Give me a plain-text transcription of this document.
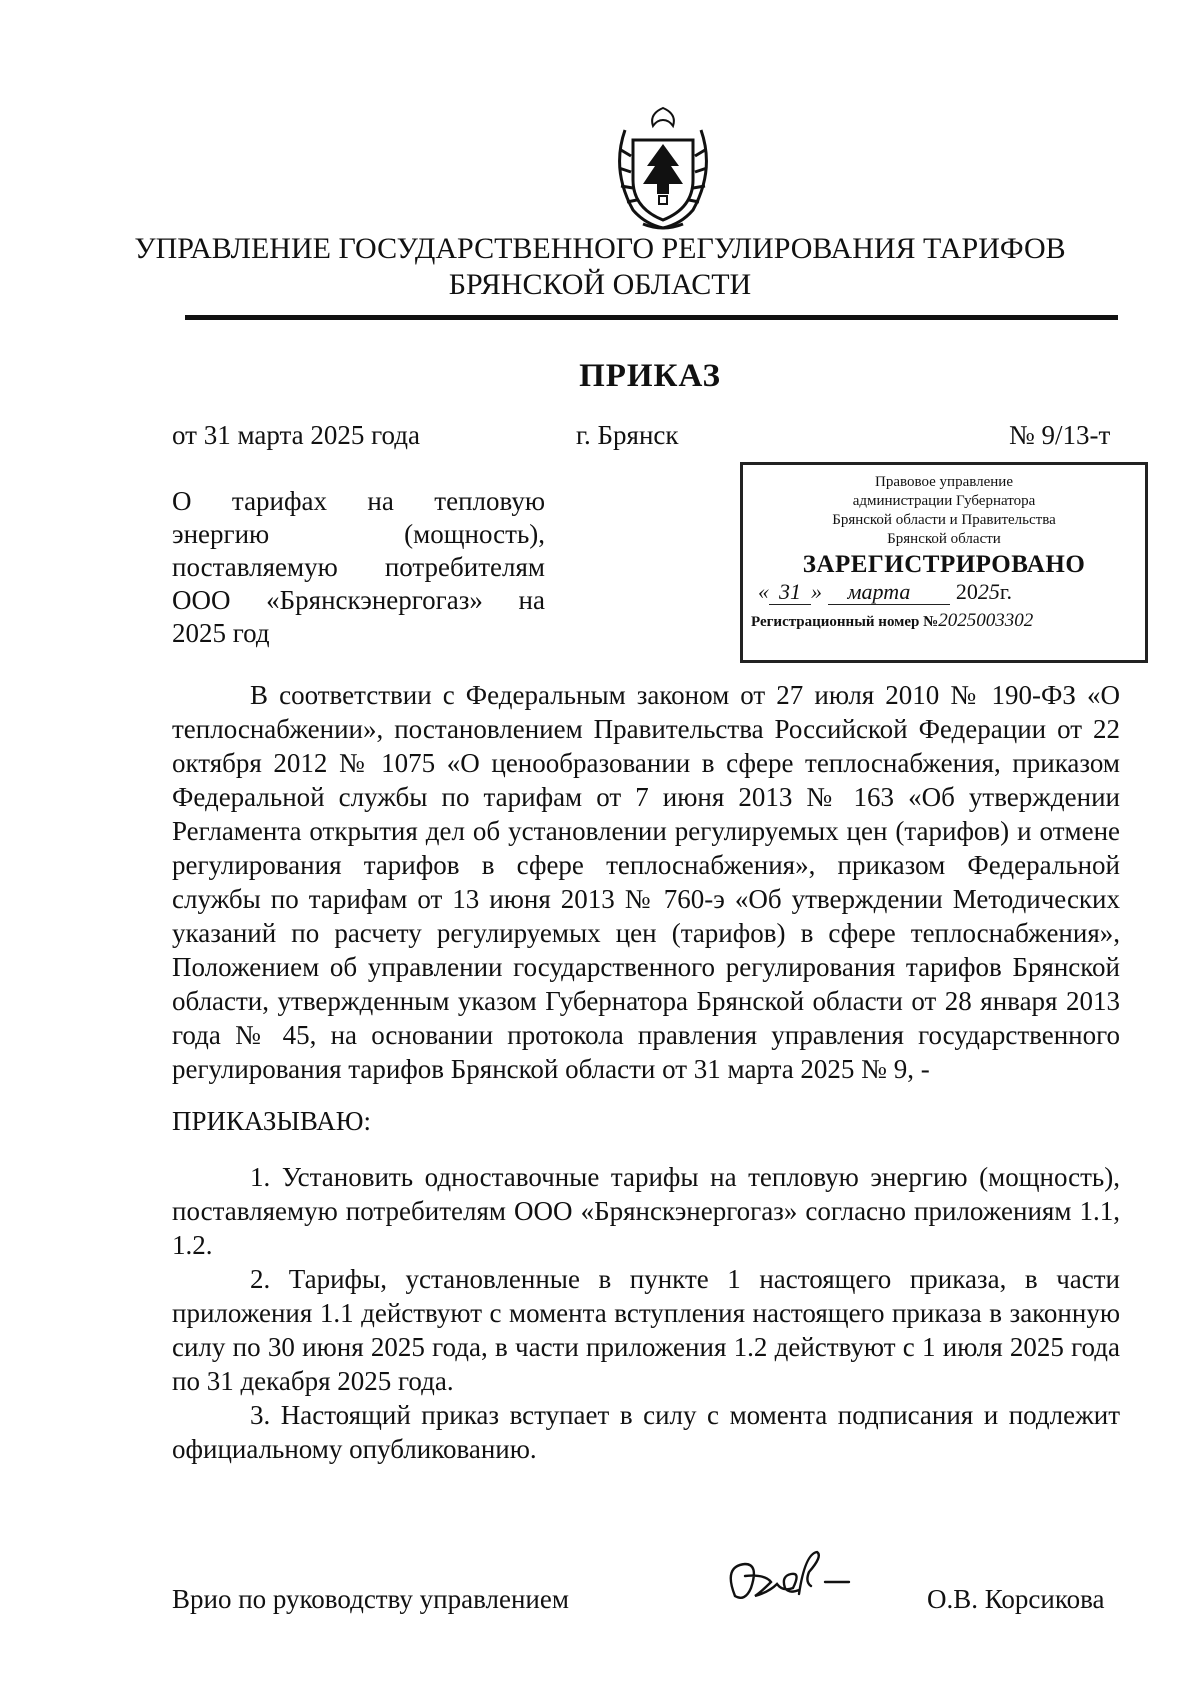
УПРАВЛЕНИЕ ГОСУДАРСТВЕННОГО РЕГУЛИРОВАНИЯ ТАРИФОВ
БРЯНСКОЙ ОБЛАСТИ
ПРИКАЗ
от 31 марта 2025 года	г. Брянск	№ 9/13-т
О тарифах на тепловую
энергию (мощность),
поставляемую потребителям
ООО «Брянскэнергогаз» на
2025 год
Правовое управление
администрации Губернатора
Брянской области и Правительства
Брянской области
ЗАРЕГИСТРИРОВАНО
« 31 » марта 2025г.
Регистрационный номер №2025003302
В соответствии с Федеральным законом от 27 июля 2010 № 190-ФЗ «О теплоснабжении», постановлением Правительства Российской Федерации от 22 октября 2012 № 1075 «О ценообразовании в сфере теплоснабжения, приказом Федеральной службы по тарифам от 7 июня 2013 № 163 «Об утверждении Регламента открытия дел об установлении регулируемых цен (тарифов) и отмене регулирования тарифов в сфере теплоснабжения», приказом Федеральной службы по тарифам от 13 июня 2013 № 760-э «Об утверждении Методических указаний по расчету регулируемых цен (тарифов) в сфере теплоснабжения», Положением об управлении государственного регулирования тарифов Брянской области, утвержденным указом Губернатора Брянской области от 28 января 2013 года № 45, на основании протокола правления управления государственного регулирования тарифов Брянской области от 31 марта 2025 № 9, -
ПРИКАЗЫВАЮ:

1. Установить одноставочные тарифы на тепловую энергию (мощность), поставляемую потребителям ООО «Брянскэнергогаз» согласно приложениям 1.1, 1.2.

2. Тарифы, установленные в пункте 1 настоящего приказа, в части приложения 1.1 действуют с момента вступления настоящего приказа в законную силу по 30 июня 2025 года, в части приложения 1.2 действуют с 1 июля 2025 года по 31 декабря 2025 года.

3. Настоящий приказ вступает в силу с момента подписания и подлежит официальному опубликованию.

Врио по руководству управлением	О.В. Корсикова
